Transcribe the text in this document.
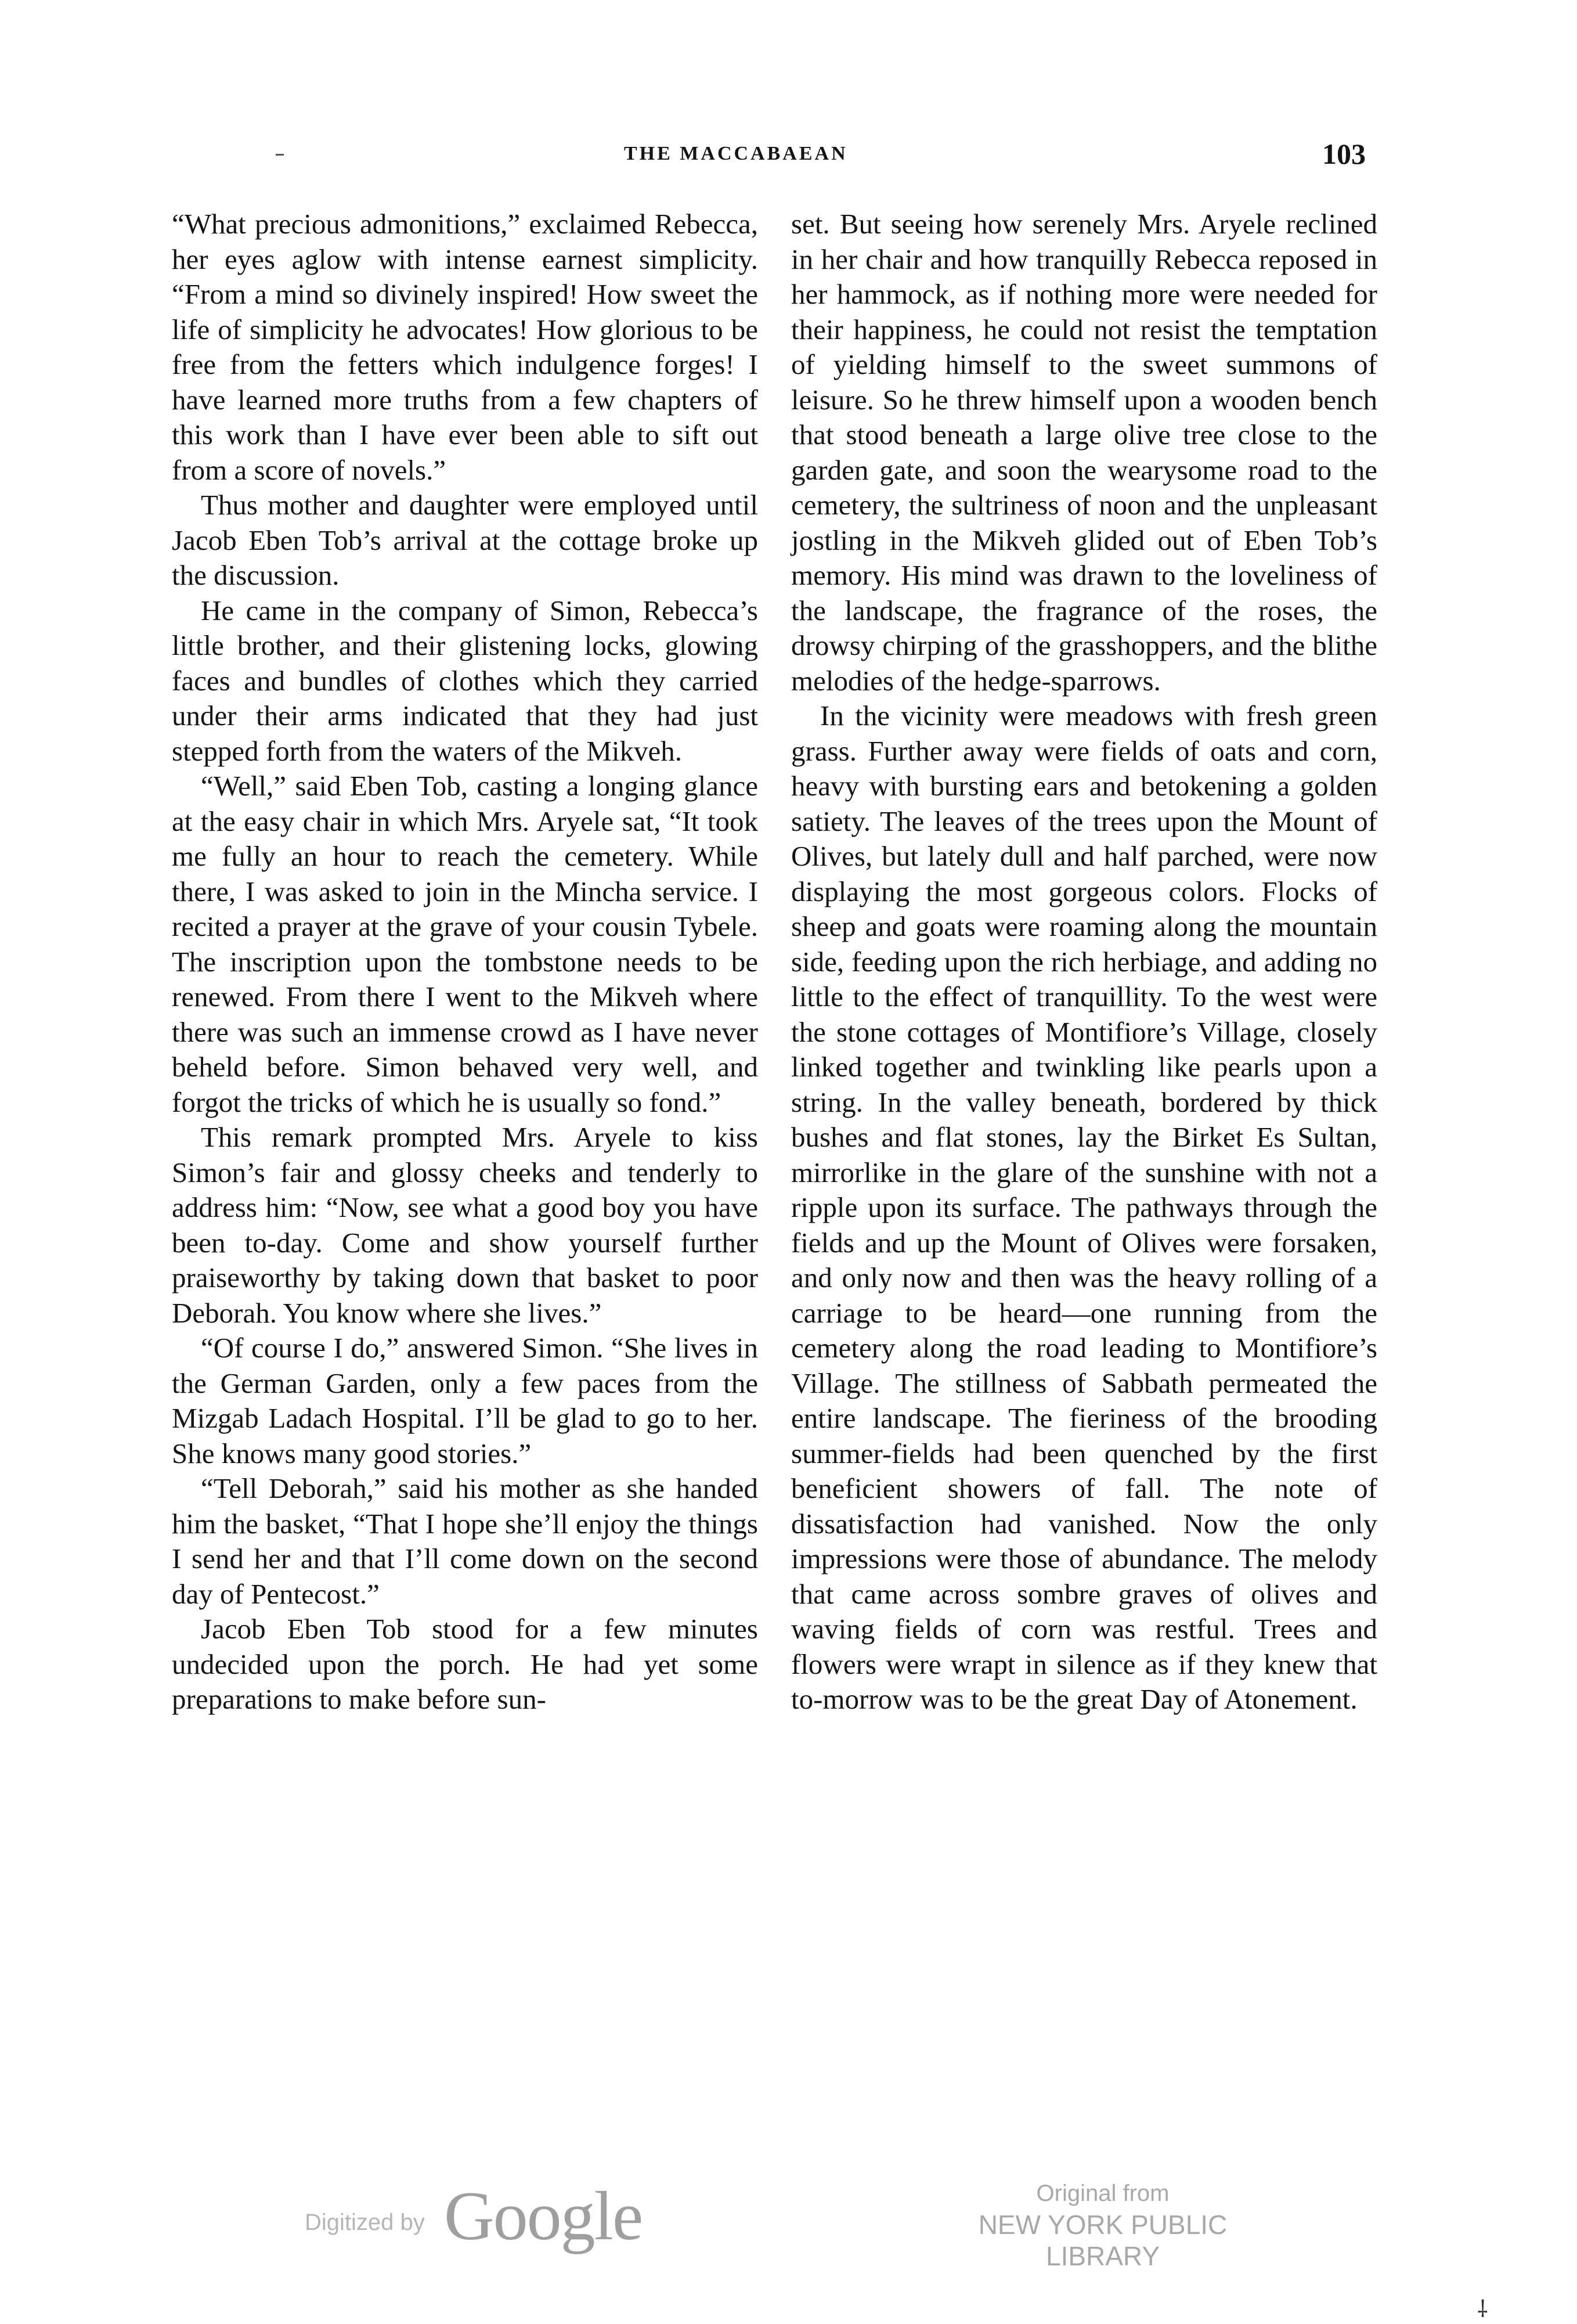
THE MACCABAEAN	103

“What precious admonitions,” exclaimed Rebecca, her eyes aglow with intense earnest simplicity. “From a mind so divinely inspired! How sweet the life of simplicity he advocates! How glorious to be free from the fetters which indulgence forges! I have learned more truths from a few chapters of this work than I have ever been able to sift out from a score of novels.”

Thus mother and daughter were employed until Jacob Eben Tob’s arrival at the cottage broke up the discussion.

He came in the company of Simon, Rebecca’s little brother, and their glistening locks, glowing faces and bundles of clothes which they carried under their arms indicated that they had just stepped forth from the waters of the Mikveh.

“Well,” said Eben Tob, casting a longing glance at the easy chair in which Mrs. Aryele sat, “It took me fully an hour to reach the cemetery. While there, I was asked to join in the Mincha service. I recited a prayer at the grave of your cousin Tybele. The inscription upon the tombstone needs to be renewed. From there I went to the Mikveh where there was such an immense crowd as I have never beheld before. Simon behaved very well, and forgot the tricks of which he is usually so fond.”

This remark prompted Mrs. Aryele to kiss Simon’s fair and glossy cheeks and tenderly to address him: “Now, see what a good boy you have been to-day. Come and show yourself further praiseworthy by taking down that basket to poor Deborah. You know where she lives.”

“Of course I do,” answered Simon. “She lives in the German Garden, only a few paces from the Mizgab Ladach Hospital. I’ll be glad to go to her. She knows many good stories.”

“Tell Deborah,” said his mother as she handed him the basket, “That I hope she’ll enjoy the things I send her and that I’ll come down on the second day of Pentecost.”

Jacob Eben Tob stood for a few minutes undecided upon the porch. He had yet some preparations to make before sun-

set. But seeing how serenely Mrs. Aryele reclined in her chair and how tranquilly Rebecca reposed in her hammock, as if nothing more were needed for their happiness, he could not resist the temptation of yielding himself to the sweet summons of leisure. So he threw himself upon a wooden bench that stood beneath a large olive tree close to the garden gate, and soon the wearysome road to the cemetery, the sultriness of noon and the unpleasant jostling in the Mikveh glided out of Eben Tob’s memory. His mind was drawn to the loveliness of the landscape, the fragrance of the roses, the drowsy chirping of the grasshoppers, and the blithe melodies of the hedge-sparrows.

In the vicinity were meadows with fresh green grass. Further away were fields of oats and corn, heavy with bursting ears and betokening a golden satiety. The leaves of the trees upon the Mount of Olives, but lately dull and half parched, were now displaying the most gorgeous colors. Flocks of sheep and goats were roaming along the mountain side, feeding upon the rich herbiage, and adding no little to the effect of tranquillity. To the west were the stone cottages of Montifiore’s Village, closely linked together and twinkling like pearls upon a string. In the valley beneath, bordered by thick bushes and flat stones, lay the Birket Es Sultan, mirrorlike in the glare of the sunshine with not a ripple upon its surface. The pathways through the fields and up the Mount of Olives were forsaken, and only now and then was the heavy rolling of a carriage to be heard—one running from the cemetery along the road leading to Montifiore’s Village. The stillness of Sabbath permeated the entire landscape. The fieriness of the brooding summer-fields had been quenched by the first beneficient showers of fall. The note of dissatisfaction had vanished. Now the only impressions were those of abundance. The melody that came across sombre graves of olives and waving fields of corn was restful. Trees and flowers were wrapt in silence as if they knew that to-morrow was to be the great Day of Atonement.

Digitized by Google	Original from
NEW YORK PUBLIC LIBRARY
⸸
